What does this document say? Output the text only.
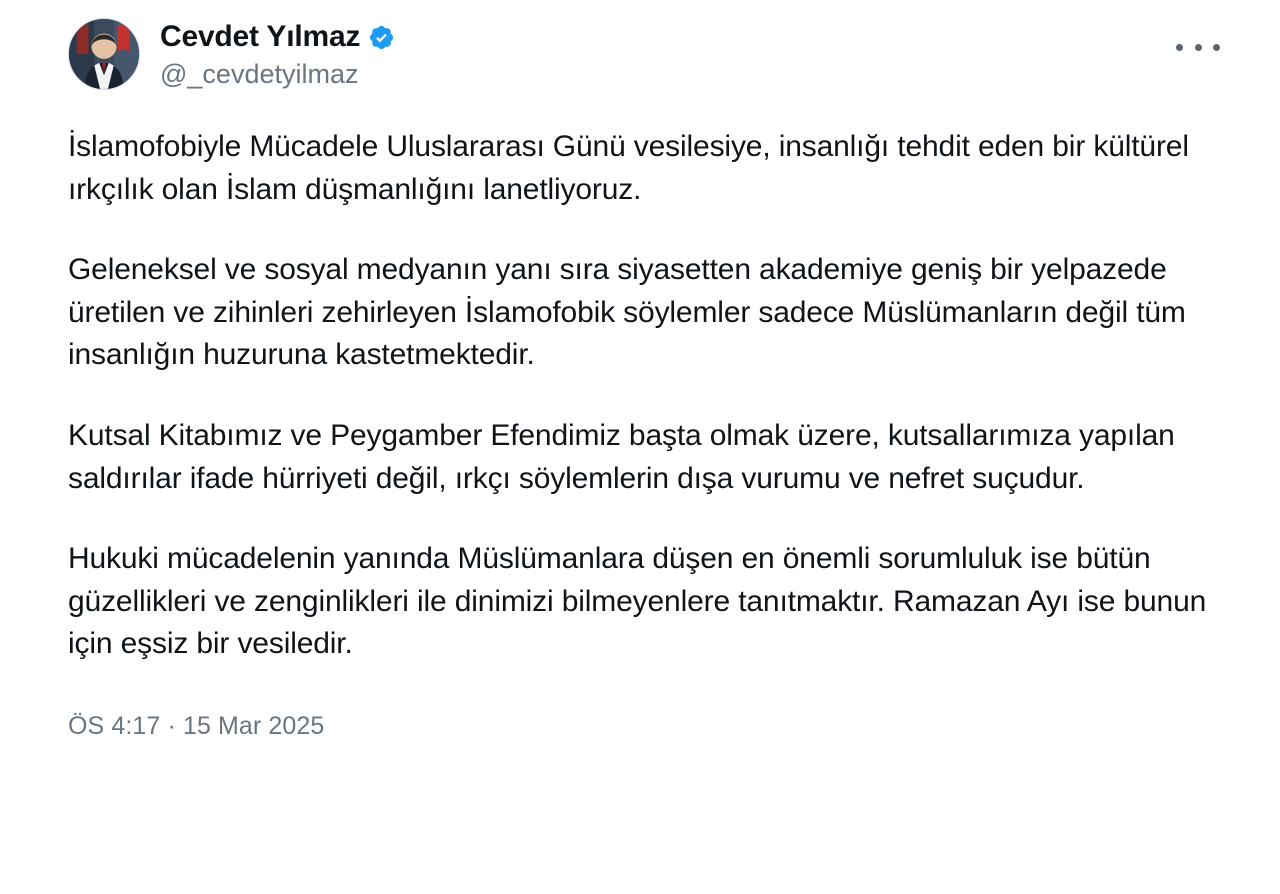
Cevdet Yılmaz
@_cevdetyilmaz

İslamofobiyle Mücadele Uluslararası Günü vesilesiye, insanlığı tehdit eden bir kültürel ırkçılık olan İslam düşmanlığını lanetliyoruz.

Geleneksel ve sosyal medyanın yanı sıra siyasetten akademiye geniş bir yelpazede üretilen ve zihinleri zehirleyen İslamofobik söylemler sadece Müslümanların değil tüm insanlığın huzuruna kastetmektedir.

Kutsal Kitabımız ve Peygamber Efendimiz başta olmak üzere, kutsallarımıza yapılan saldırılar ifade hürriyeti değil, ırkçı söylemlerin dışa vurumu ve nefret suçudur.

Hukuki mücadelenin yanında Müslümanlara düşen en önemli sorumluluk ise bütün güzellikleri ve zenginlikleri ile dinimizi bilmeyenlere tanıtmaktır. Ramazan Ayı ise bunun için eşsiz bir vesiledir.

ÖS 4:17 · 15 Mar 2025
